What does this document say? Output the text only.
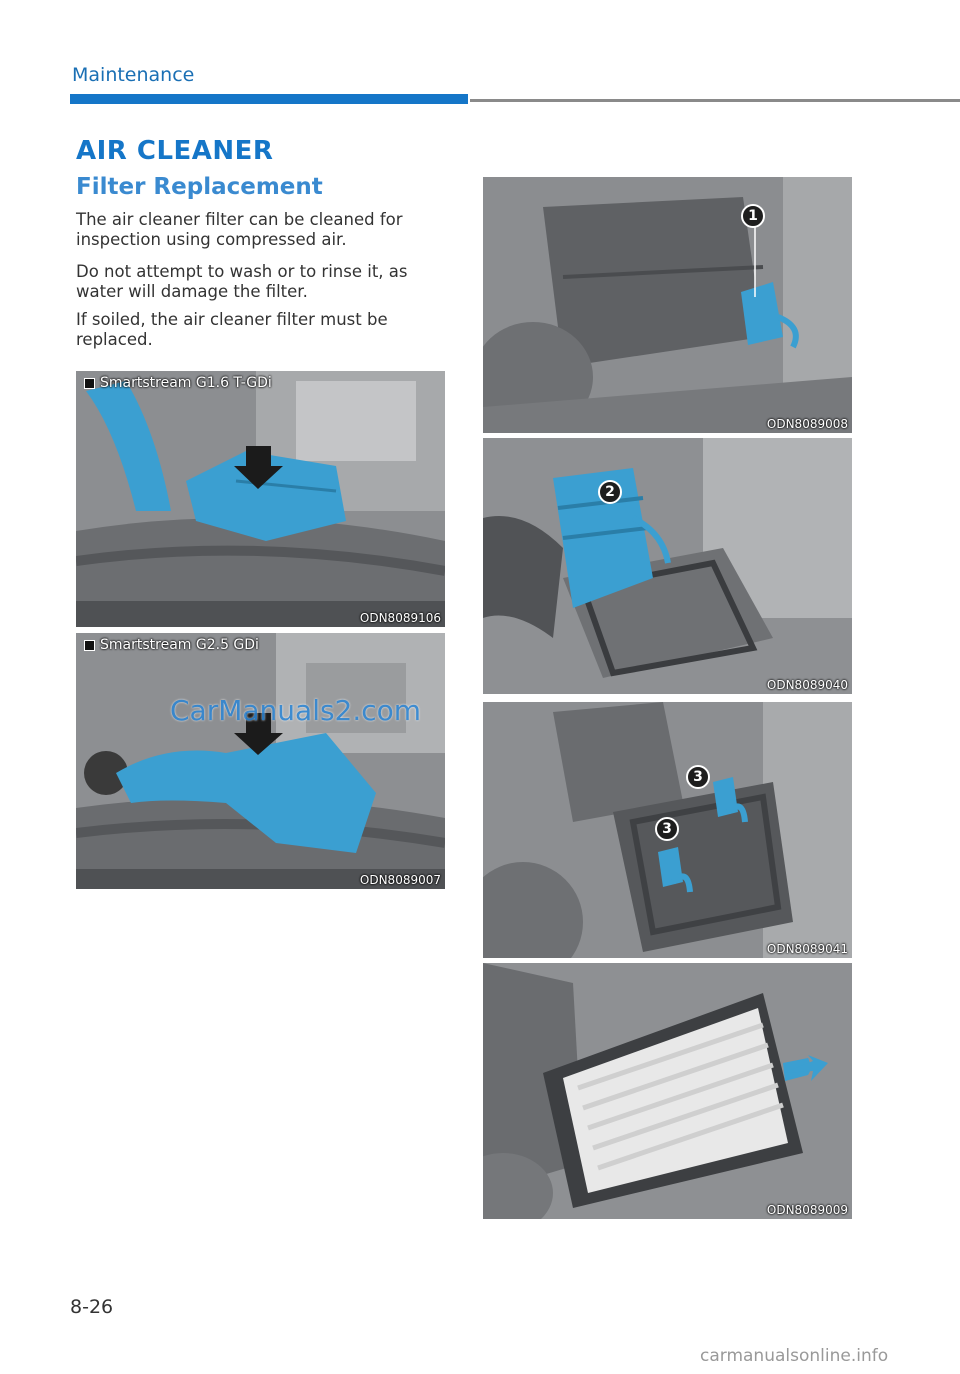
Maintenance
AIR CLEANER
Filter Replacement

The air cleaner filter can be cleaned for inspection using compressed air.

Do not attempt to wash or to rinse it, as water will damage the filter.

If soiled, the air cleaner filter must be replaced.

Smartstream G1.6 T-GDi
ODN8089106
Smartstream G2.5 GDi
ODN8089007
1
ODN8089008
2
ODN8089040
3
3
ODN8089041
ODN8089009
CarManuals2.com
8-26
carmanualsonline.info
